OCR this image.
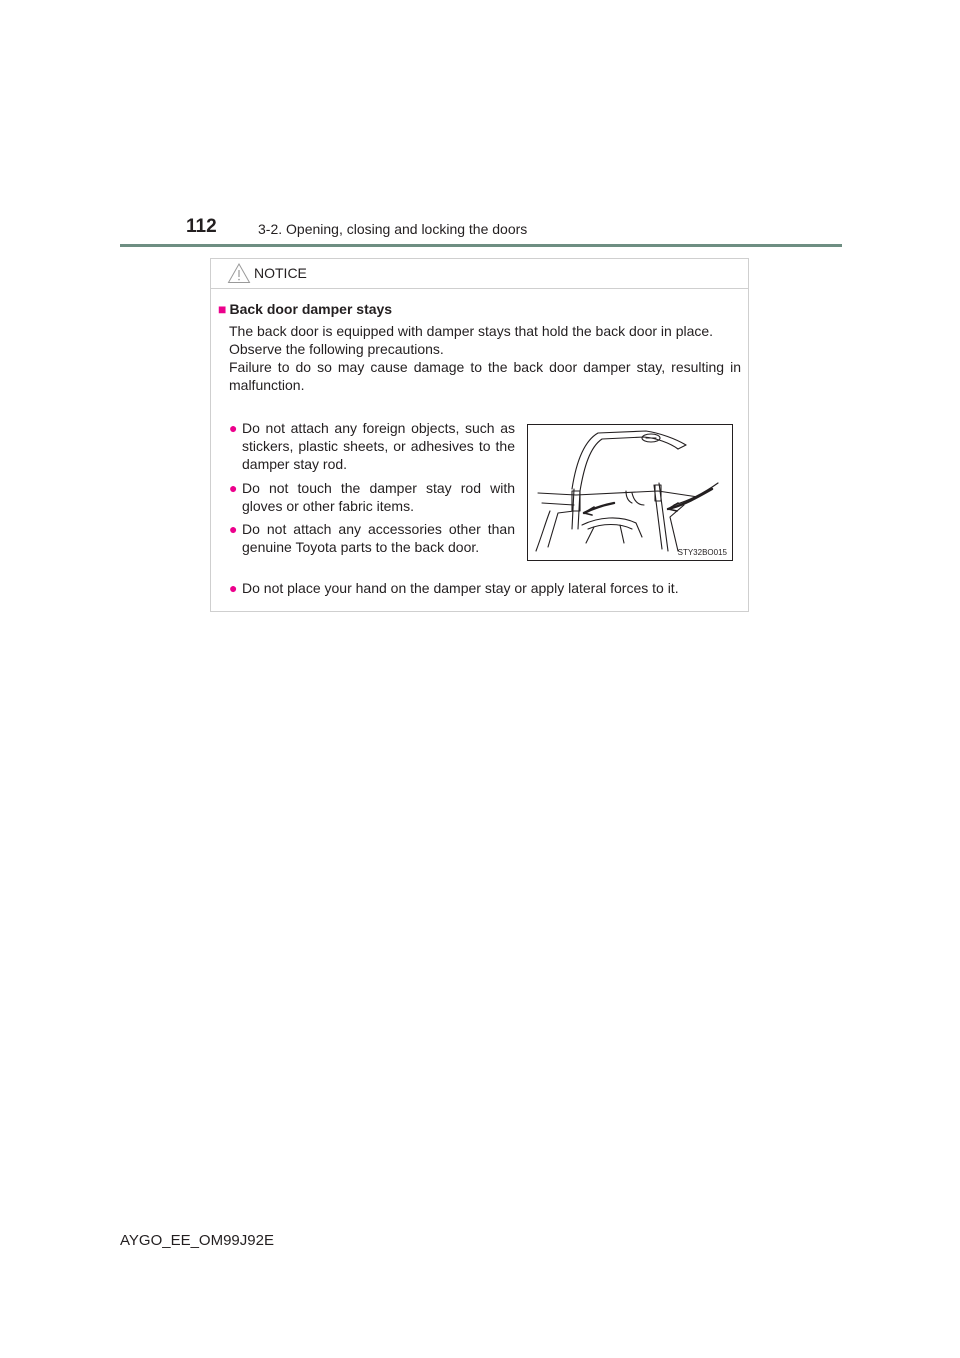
112	3-2. Opening, closing and locking the doors
NOTICE
■ Back door damper stays

The back door is equipped with damper stays that hold the back door in place.

Observe the following precautions.

Failure to do so may cause damage to the back door damper stay, resulting in malfunction.

● Do not attach any foreign objects, such as stickers, plastic sheets, or adhesives to the damper stay rod.
● Do not touch the damper stay rod with gloves or other fabric items.
● Do not attach any accessories other than genuine Toyota parts to the back door.
● Do not place your hand on the damper stay or apply lateral forces to it.
STY32BO015
AYGO_EE_OM99J92E
